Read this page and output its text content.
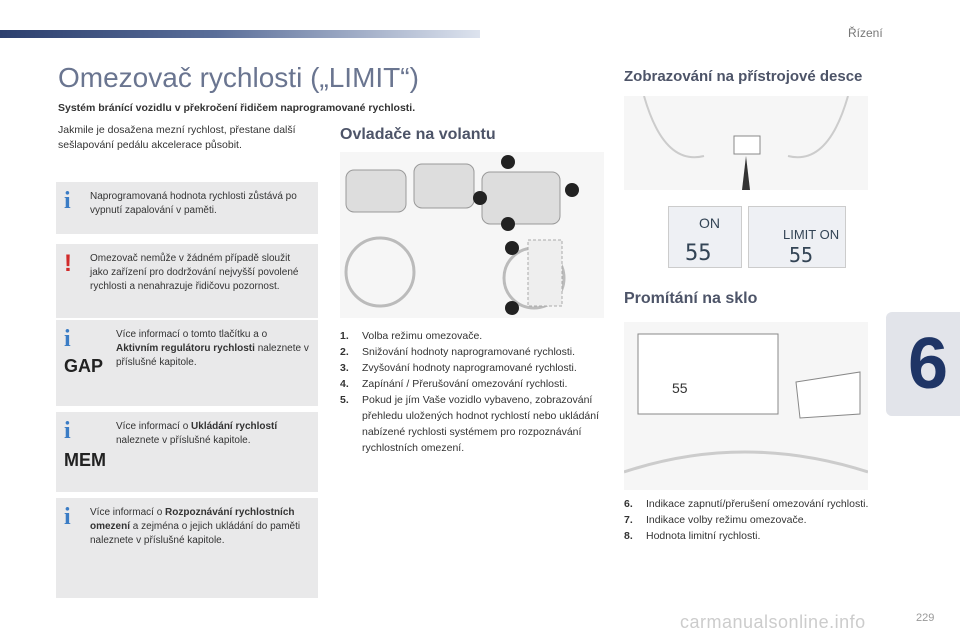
Řízení
6
Omezovač rychlosti („LIMIT“)
Systém bránící vozidlu v překročení řidičem naprogramované rychlosti.
Jakmile je dosažena mezní rychlost, přestane další sešlapování pedálu akcelerace působit.
i Naprogramovaná hodnota rychlosti zůstává po vypnutí zapalování v paměti.

! Omezovač nemůže v žádném případě sloužit jako zařízení pro dodržování nejvyšší povolené rychlosti a nenahrazuje řidičovu pozornost.

i
GAP

Více informací o tomto tlačítku a o Aktivním regulátoru rychlosti naleznete v příslušné kapitole.

i
MEM

Více informací o Ukládání rychlostí naleznete v příslušné kapitole.

i Více informací o Rozpoznávání rychlostních omezení a zejména o jejich ukládání do paměti naleznete v příslušné kapitole.

Ovladače na volantu
1.	Volba režimu omezovače.
2.	Snižování hodnoty naprogramované rychlosti.
3.	Zvyšování hodnoty naprogramované rychlosti.
4.	Zapínání / Přerušování omezování rychlosti.
5.	Pokud je jím Vaše vozidlo vybaveno, zobrazování přehledu uložených hodnot rychlostí nebo ukládání nabízené rychlosti systémem pro rozpoznávání rychlostních omezení.
Zobrazování na přístrojové desce
ON
55
LIMIT ON
55
Promítání na sklo
55
6.	Indikace zapnutí/přerušení omezování rychlosti.
7.	Indikace volby režimu omezovače.
8.	Hodnota limitní rychlosti.
carmanualsonline.info	229
